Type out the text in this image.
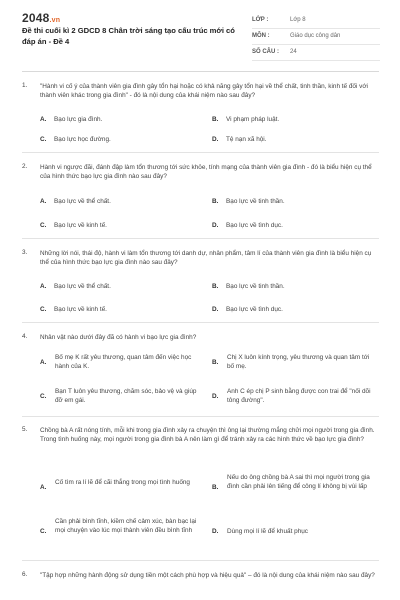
2048.vn
Đề thi cuối kì 2 GDCD 8 Chân trời sáng tạo cấu trúc mới có đáp án - Đề 4
LỚP :	Lớp 8
MÔN :	Giáo dục công dân
SỐ CÂU : 24
1. "Hành vi cố ý của thành viên gia đình gây tổn hại hoặc có khả năng gây tổn hại về thể chất, tinh thần, kinh tế đối với thành viên khác trong gia đình" - đó là nội dung của khái niệm nào sau đây?
A. Bạo lực gia đình.	B. Vi phạm pháp luật.
C. Bạo lực học đường.	D. Tệ nạn xã hội.
2. Hành vi ngược đãi, đánh đập làm tổn thương tới sức khỏe, tính mạng của thành viên gia đình - đó là biểu hiện cụ thể của hình thức bạo lực gia đình nào sau đây?
A. Bạo lực về thể chất.	B. Bạo lực về tinh thần.
C. Bạo lực về kinh tế.	D. Bạo lực về tình dục.
3. Những lời nói, thái độ, hành vi làm tổn thương tới danh dự, nhân phẩm, tâm lí của thành viên gia đình là biểu hiện cụ thể của hình thức bạo lực gia đình nào sau đây?
A. Bạo lực về thể chất.	B. Bạo lực về tinh thần.
C. Bạo lực về kinh tế.	D. Bạo lực về tình dục.
4. Nhân vật nào dưới đây đã có hành vi bạo lực gia đình?
A.
Bố mẹ K rất yêu thương, quan tâm đến việc học hành của K.
B.
Chị X luôn kính trọng, yêu thương và quan tâm tới bố mẹ.
C.
Bạn T luôn yêu thương, chăm sóc, bảo vệ và giúp đỡ em gái.
D.
Anh C ép chị P sinh bằng được con trai để "nối dõi tông đường".
5. Chồng bà A rất nóng tính, mỗi khi trong gia đình xảy ra chuyện thì ông lại thường mắng chửi mọi người trong gia đình. Trong tình huống này, mọi người trong gia đình bà A nên làm gì để tránh xảy ra các hình thức về bạo lực gia đình?
A.
Cố tìm ra lí lẽ để cãi thắng trong mọi tình huống
B.
Nếu do ông chồng bà A sai thì mọi người trong gia đình cần phải lên tiếng để công lí không bị vùi lấp
C.
Cần phải bình tĩnh, kiềm chế cảm xúc, bàn bạc lại mọi chuyện vào lúc mọi thành viên đều bình tĩnh	D. Dùng mọi lí lẽ để khuất phục
6. "Tập hợp những hành động sử dụng tiền một cách phù hợp và hiệu quả" – đó là nội dung của khái niệm nào sau đây?
